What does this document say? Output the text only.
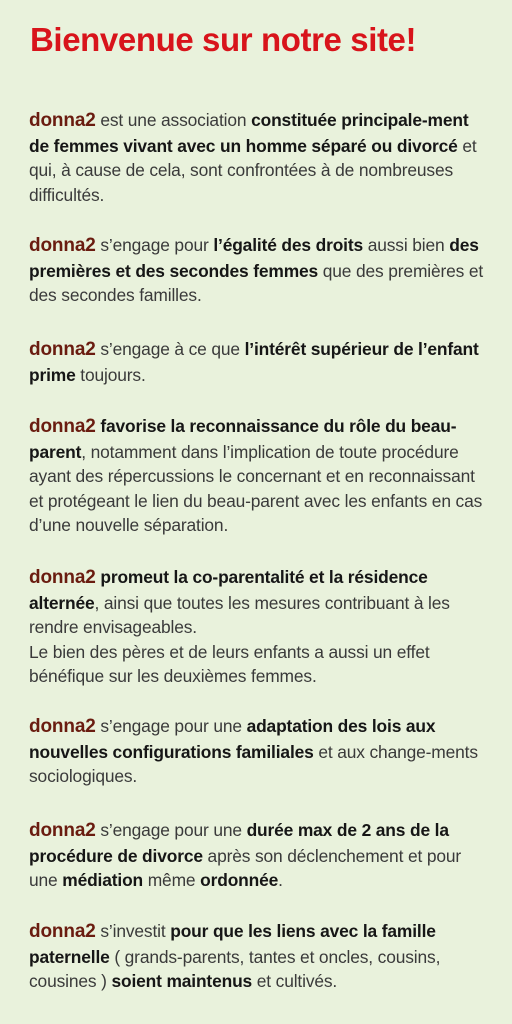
Bienvenue sur notre site!

donna2 est une association constituée principale-ment de femmes vivant avec un homme séparé ou divorcé et qui, à cause de cela, sont confrontées à de nombreuses difficultés.

donna2 s’engage pour l’égalité des droits aussi bien des premières et des secondes femmes que des premières et des secondes familles.

donna2 s’engage à ce que l’intérêt supérieur de l’enfant prime toujours.

donna2 favorise la reconnaissance du rôle du beau-parent, notamment dans l’implication de toute procédure ayant des répercussions le concernant et en reconnaissant et protégeant le lien du beau-parent avec les enfants en cas d’une nouvelle séparation.

donna2 promeut la co-parentalité et la résidence alternée, ainsi que toutes les mesures contribuant à les rendre envisageables.
Le bien des pères et de leurs enfants a aussi un effet bénéfique sur les deuxièmes femmes.

donna2 s’engage pour une adaptation des lois aux nouvelles configurations familiales et aux change-ments sociologiques.

donna2 s’engage pour une durée max de 2 ans de la procédure de divorce après son déclenchement et pour une médiation même ordonnée.

donna2 s’investit pour que les liens avec la famille paternelle ( grands-parents, tantes et oncles, cousins, cousines ) soient maintenus et cultivés.
